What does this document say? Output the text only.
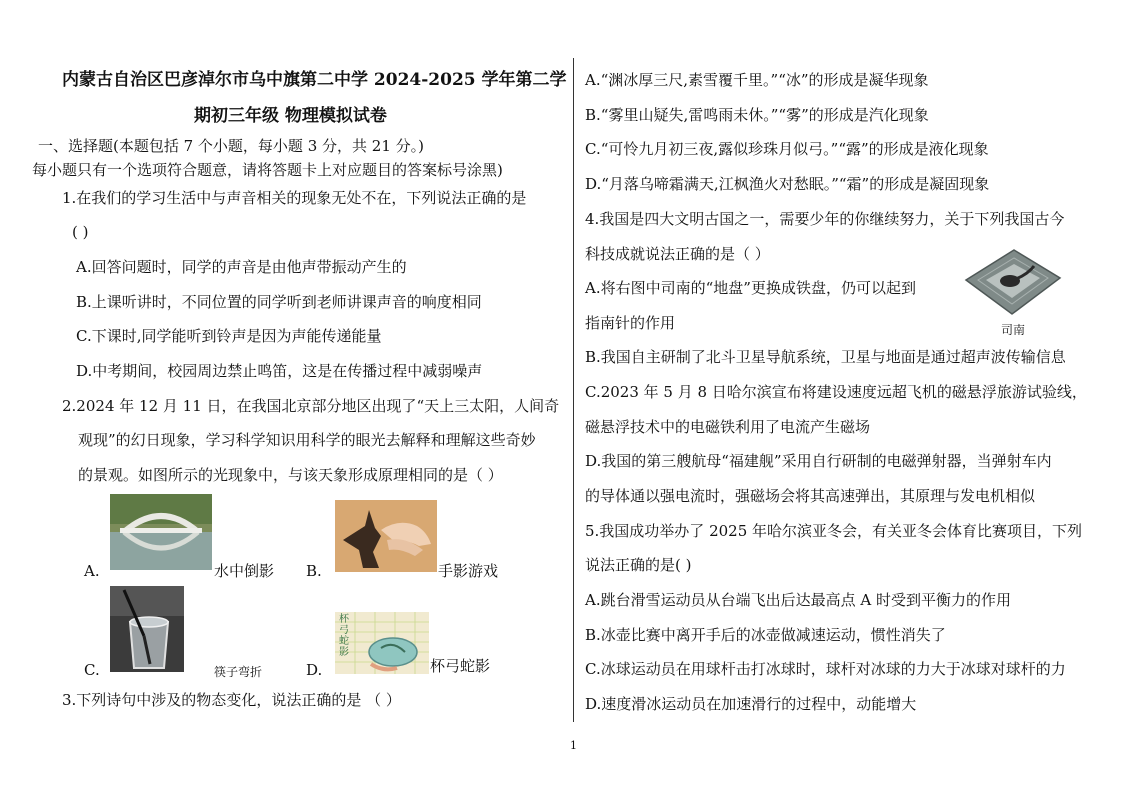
内蒙古自治区巴彦淖尔市乌中旗第二中学 2024-2025 学年第二学
期初三年级 物理模拟试卷
一、选择题(本题包括 7 个小题，每小题 3 分，共 21 分。)
每小题只有一个选项符合题意，请将答题卡上对应题目的答案标号涂黑)
1.在我们的学习生活中与声音相关的现象无处不在，下列说法正确的是
( )
A.回答问题时，同学的声音是由他声带振动产生的
B.上课听讲时，不同位置的同学听到老师讲课声音的响度相同
C.下课时,同学能听到铃声是因为声能传递能量
D.中考期间，校园周边禁止鸣笛，这是在传播过程中减弱噪声
2.2024 年 12 月 11 日，在我国北京部分地区出现了“天上三太阳，人间奇
观现”的幻日现象，学习科学知识用科学的眼光去解释和理解这些奇妙
的景观。如图所示的光现象中，与该天象形成原理相同的是（ ）
A.	水中倒影 B.	手影游戏
C.	筷子弯折	D.
杯弓蛇影
杯弓蛇影
3.下列诗句中涉及的物态变化，说法正确的是 （ ）
A.“渊冰厚三尺,素雪覆千里。”“冰”的形成是凝华现象
B.“雾里山疑失,雷鸣雨未休。”“雾”的形成是汽化现象
C.“可怜九月初三夜,露似珍珠月似弓。”“露”的形成是液化现象
D.“月落乌啼霜满天,江枫渔火对愁眠。”“霜”的形成是凝固现象
4.我国是四大文明古国之一，需要少年的你继续努力，关于下列我国古今
科技成就说法正确的是（ ）
A.将右图中司南的“地盘”更换成铁盘，仍可以起到
指南针的作用	司南
B.我国自主研制了北斗卫星导航系统，卫星与地面是通过超声波传输信息
C.2023 年 5 月 8 日哈尔滨宣布将建设速度远超飞机的磁悬浮旅游试验线，
磁悬浮技术中的电磁铁利用了电流产生磁场
D.我国的第三艘航母“福建舰”采用自行研制的电磁弹射器，当弹射车内
的导体通以强电流时，强磁场会将其高速弹出，其原理与发电机相似
5.我国成功举办了 2025 年哈尔滨亚冬会，有关亚冬会体育比赛项目，下列
说法正确的是( )
A.跳台滑雪运动员从台端飞出后达最高点 A 时受到平衡力的作用
B.冰壶比赛中离开手后的冰壶做减速运动，惯性消失了
C.冰球运动员在用球杆击打冰球时，球杆对冰球的力大于冰球对球杆的力
D.速度滑冰运动员在加速滑行的过程中，动能增大
1
